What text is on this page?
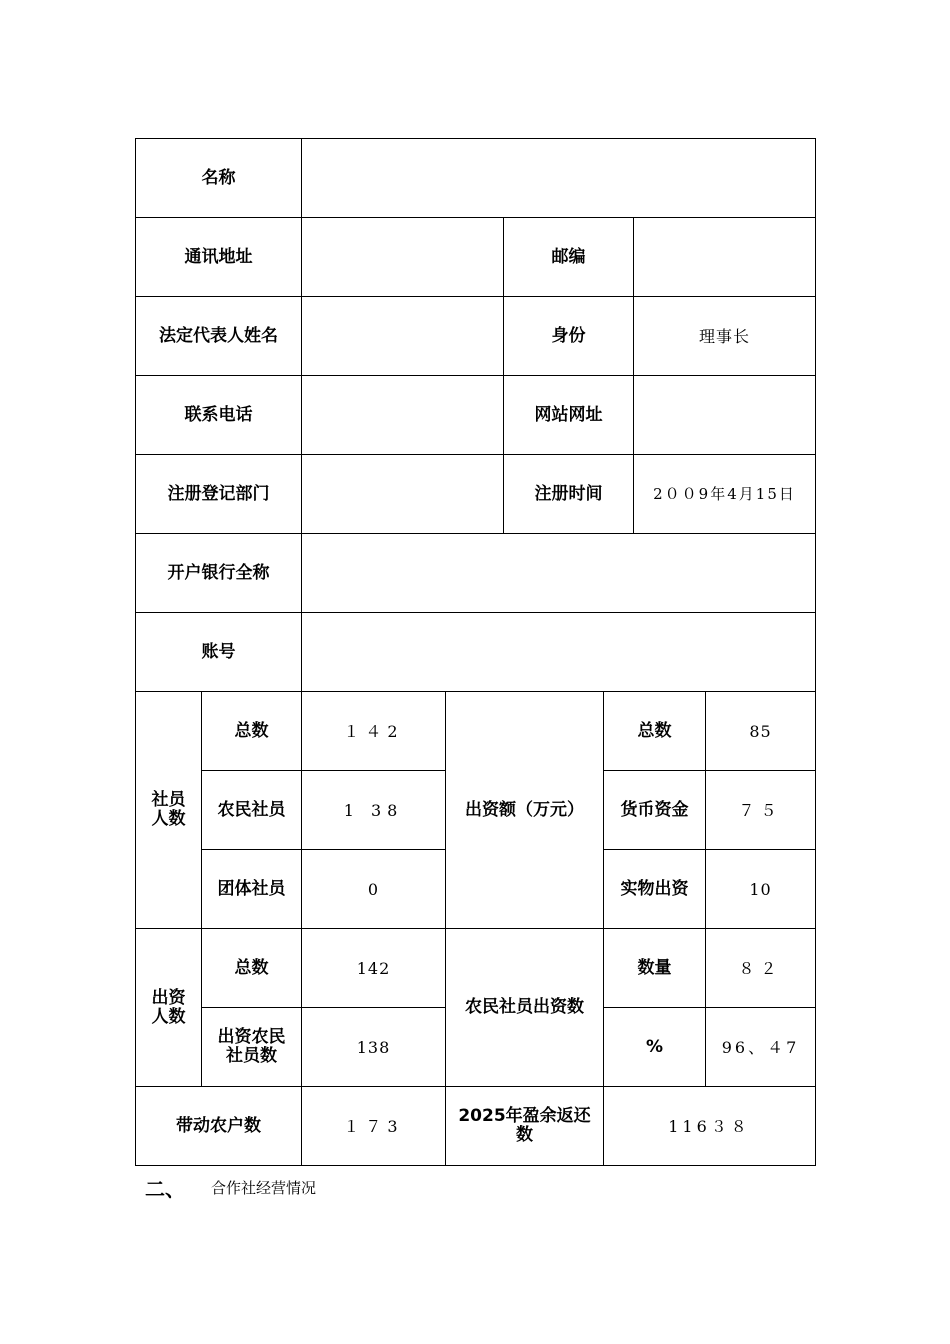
名称							
通讯地址				邮编			
法定代表人姓名				身份		理事长	
联系电话				网站网址			
注册登记部门				注册时间		2００9年4月15日	
开户银行全称							
账号							
社员人数	总数	１４2	出资额（万元）		总数		85
	农民社员	1 38			货币资金		７５
	团体社员	0			实物出资		10
出资人数	总数	142	农民社员出资数		数量		８２
	出资农民社员数	138			%		96、４7
带动农户数		１７3	2025年盈余返还数		116３８		
二、	合作社经营情况
